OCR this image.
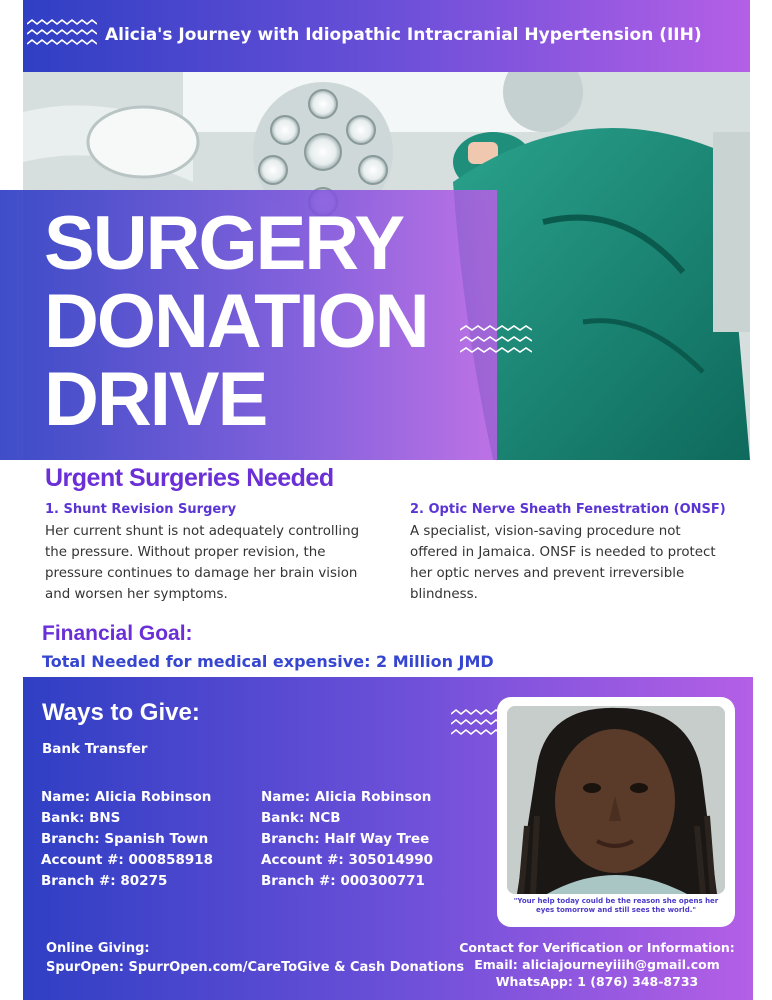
Alicia's Journey with Idiopathic Intracranial Hypertension (IIH)
SURGERY
DONATION
DRIVE
Urgent Surgeries Needed
1. Shunt Revision Surgery
Her current shunt is not adequately controlling
the pressure. Without proper revision, the
pressure continues to damage her brain vision
and worsen her symptoms.
2. Optic Nerve Sheath Fenestration (ONSF)
A specialist, vision-saving procedure not
offered in Jamaica. ONSF is needed to protect
her optic nerves and prevent irreversible
blindness.
Financial Goal:
Total Needed for medical expensive: 2 Million JMD
Ways to Give:
Bank Transfer
Name: Alicia Robinson
Bank: BNS
Branch: Spanish Town
Account #: 000858918
Branch #: 80275
Name: Alicia Robinson
Bank: NCB
Branch: Half Way Tree
Account #: 305014990
Branch #: 000300771
"Your help today could be the reason she opens her eyes tomorrow and still sees the world."
Online Giving:
SpurOpen: SpurrOpen.com/CareToGive & Cash Donations
Contact for Verification or Information:
Email: aliciajourneyiiih@gmail.com
WhatsApp: 1 (876) 348-8733
